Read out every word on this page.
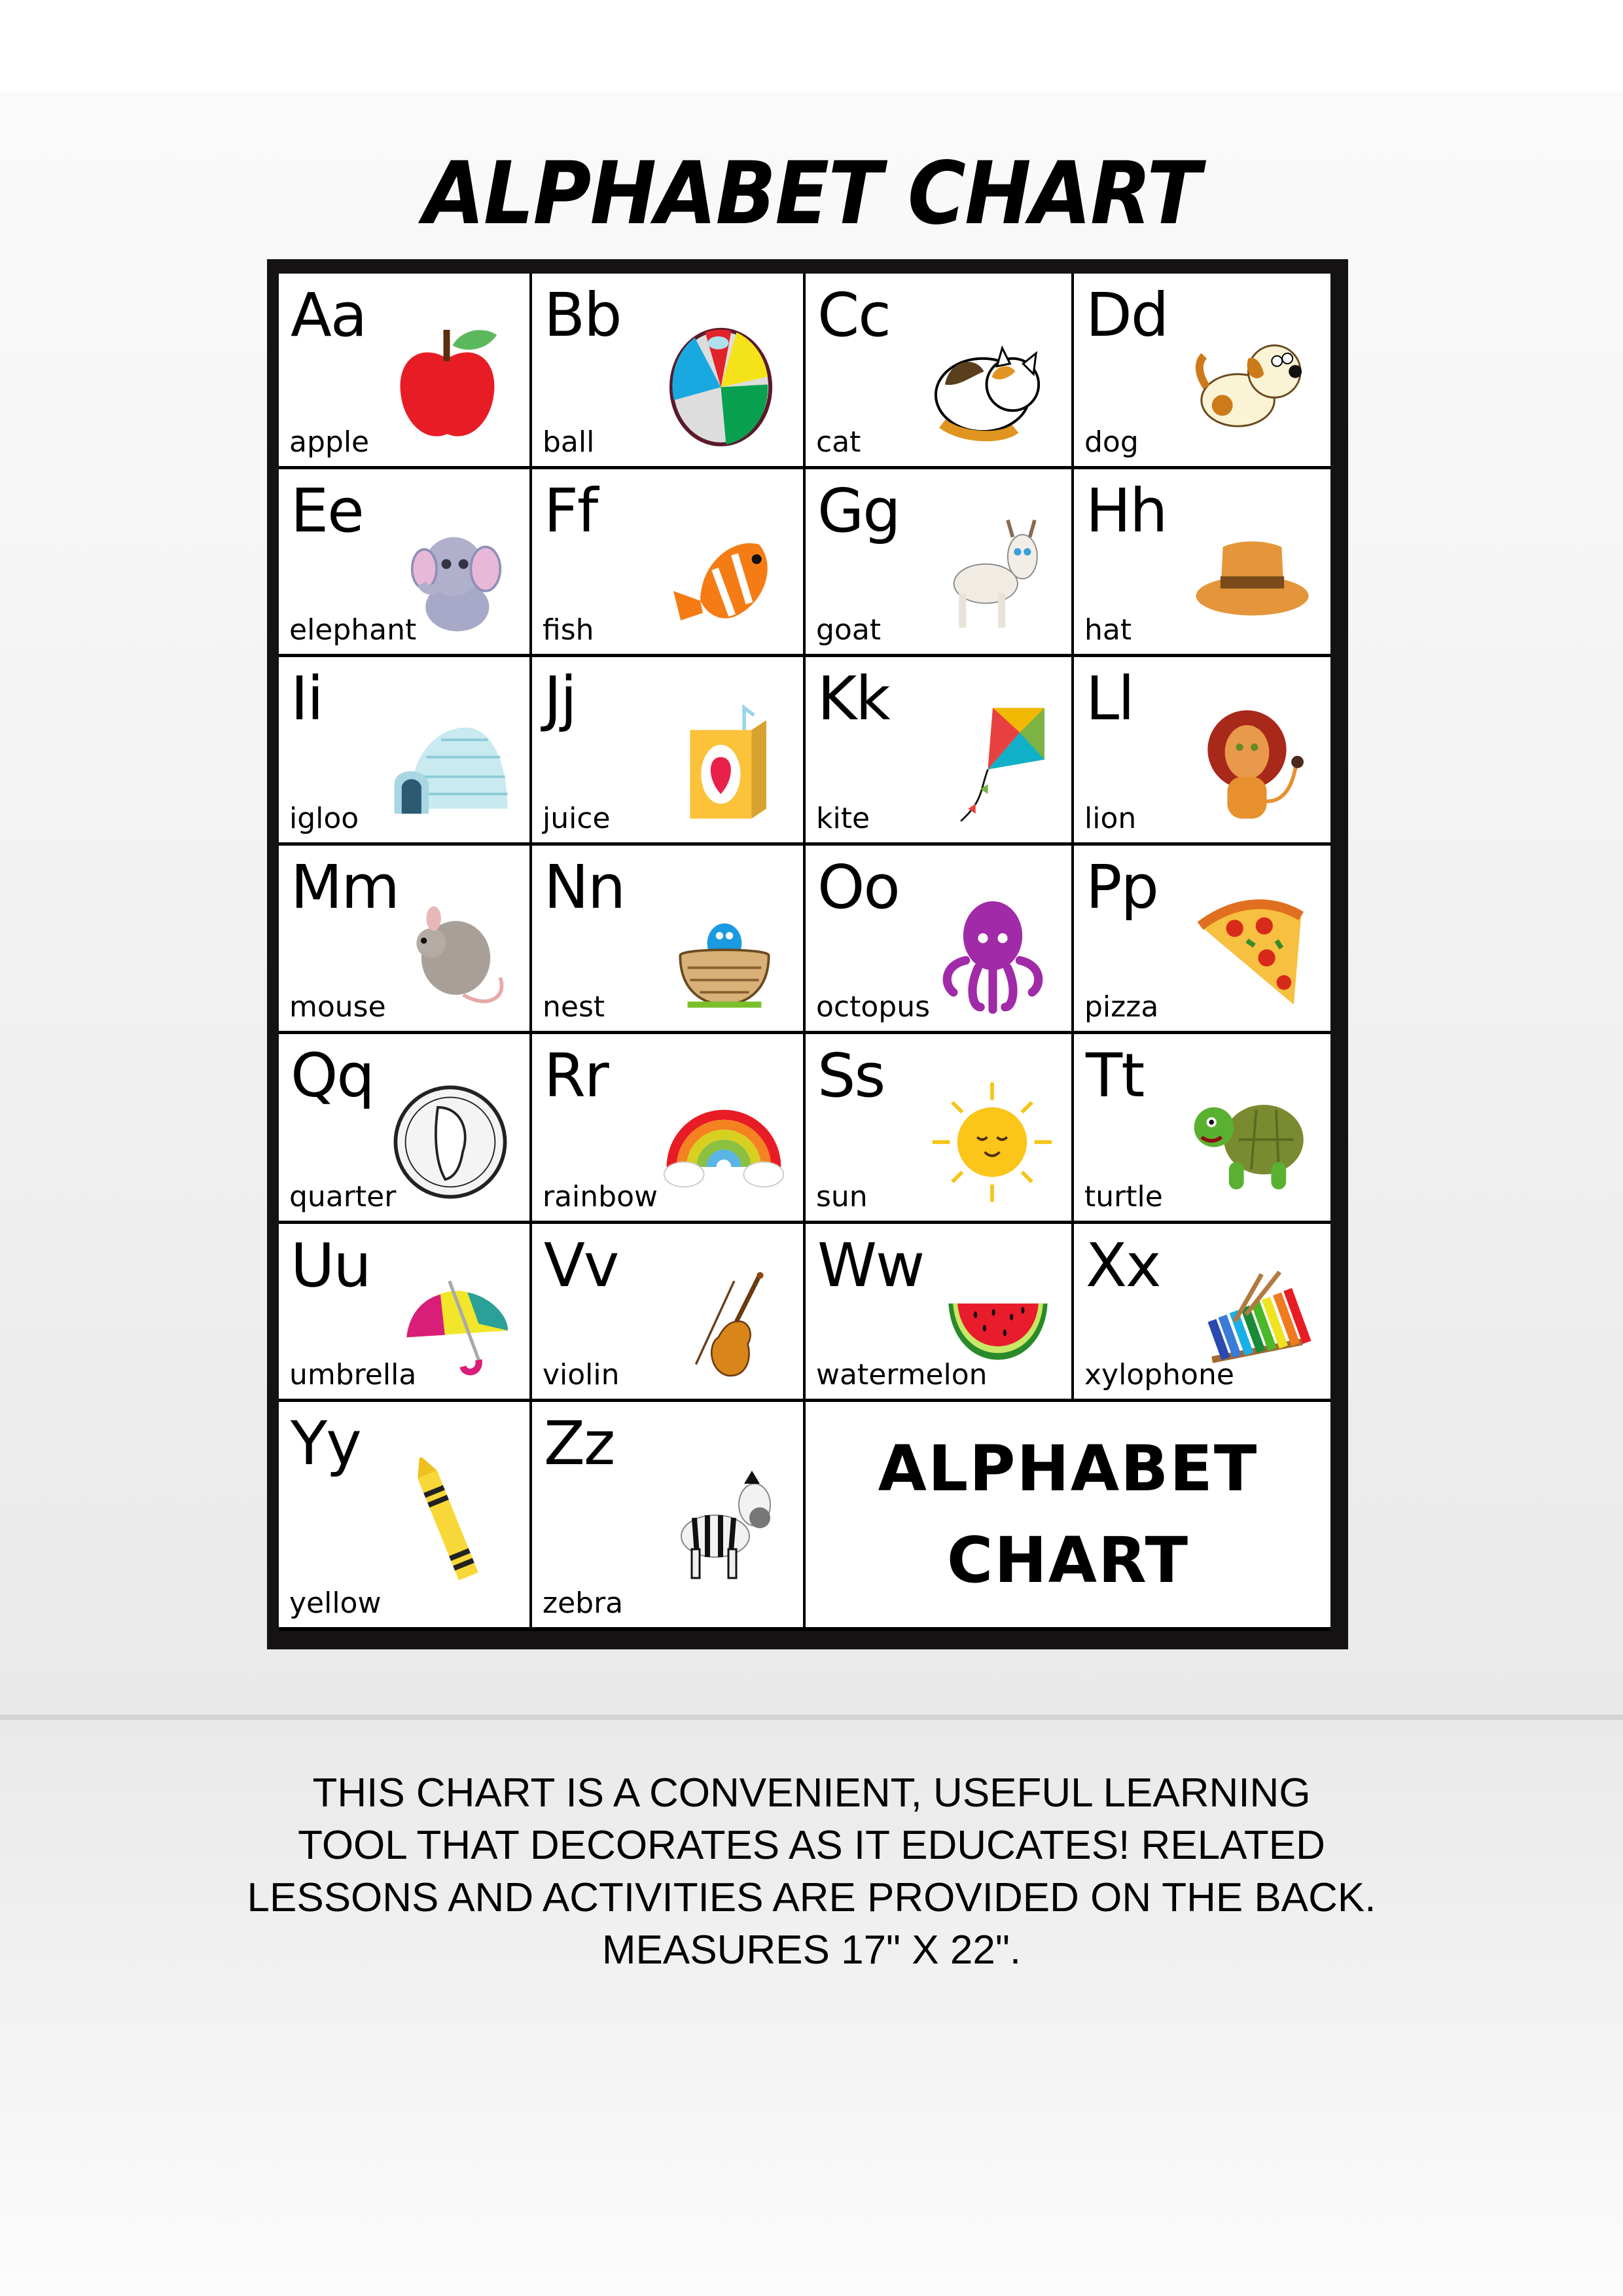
ALPHABET CHART
Aa
apple
Bb
ball
Cc
cat
Dd
dog
Ee
elephant
Ff
fish
Gg
goat
Hh
hat
Ii
igloo
Jj
juice
Kk
kite
Ll
lion
Mm
mouse
Nn
nest
Oo
octopus
Pp
pizza
Qq
quarter
Rr
rainbow
Ss
sun
Tt
turtle
Uu
umbrella
Vv
violin
Ww
watermelon
Xx
xylophone
Yy
yellow
Zz
zebra
ALPHABET
CHART
THIS CHART IS A CONVENIENT, USEFUL LEARNING
TOOL THAT DECORATES AS IT EDUCATES! RELATED
LESSONS AND ACTIVITIES ARE PROVIDED ON THE BACK.
MEASURES 17" X 22".
